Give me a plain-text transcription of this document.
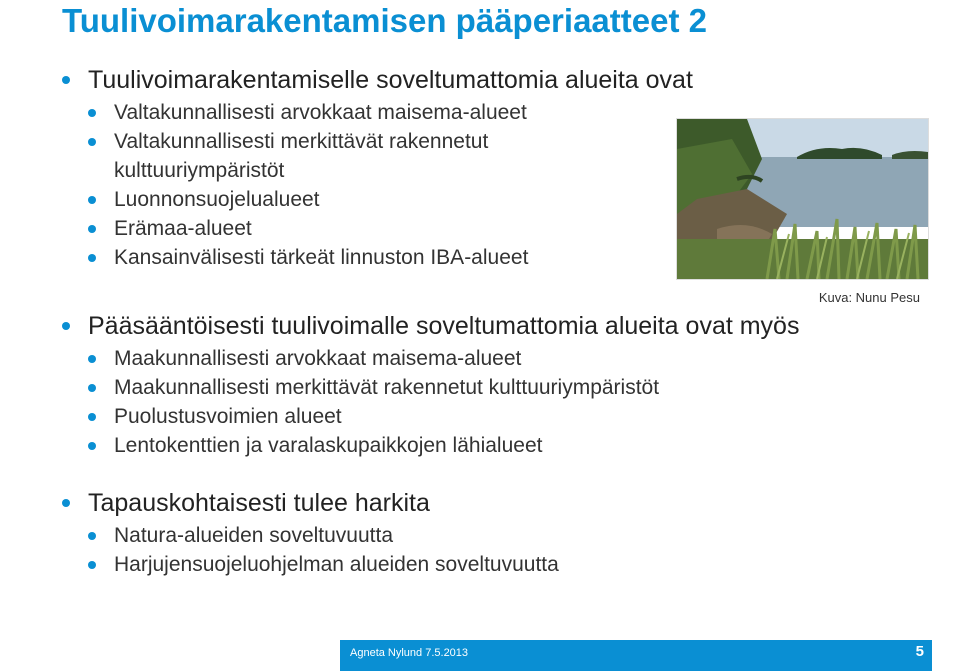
Tuulivoimarakentamisen pääperiaatteet 2
Tuulivoimarakentamiselle soveltumattomia alueita ovat
Valtakunnallisesti arvokkaat maisema-alueet
Valtakunnallisesti merkittävät rakennetut
kulttuuriympäristöt
Luonnonsuojelualueet
Erämaa-alueet
Kansainvälisesti tärkeät linnuston IBA-alueet
Kuva: Nunu Pesu
Pääsääntöisesti tuulivoimalle soveltumattomia alueita ovat myös
Maakunnallisesti arvokkaat maisema-alueet
Maakunnallisesti merkittävät rakennetut kulttuuriympäristöt
Puolustusvoimien alueet
Lentokenttien ja varalaskupaikkojen lähialueet
Tapauskohtaisesti tulee harkita
Natura-alueiden soveltuvuutta
Harjujensuojeluohjelman alueiden soveltuvuutta
Agneta Nylund 7.5.2013	5
